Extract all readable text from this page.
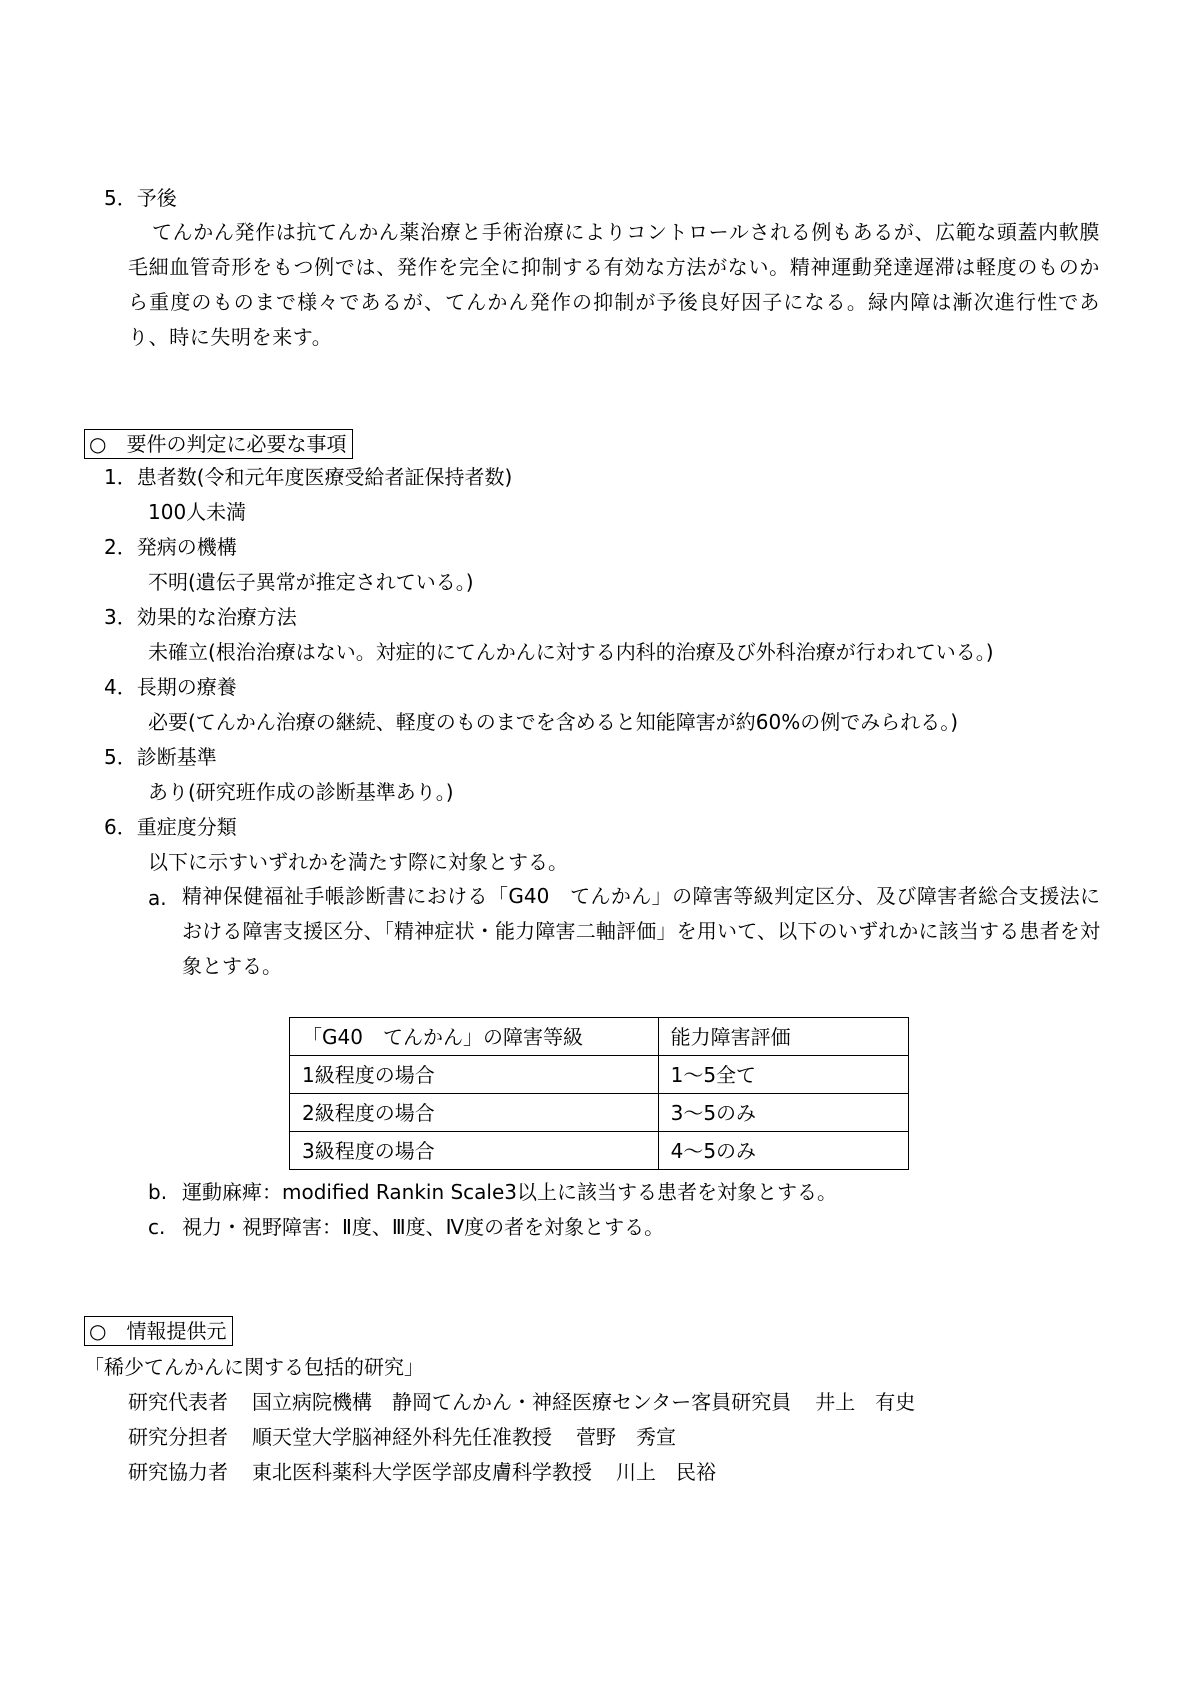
5．予後
てんかん発作は抗てんかん薬治療と手術治療によりコントロールされる例もあるが、広範な頭蓋内軟膜毛細血管奇形をもつ例では、発作を完全に抑制する有効な方法がない。精神運動発達遅滞は軽度のものから重度のものまで様々であるが、てんかん発作の抑制が予後良好因子になる。緑内障は漸次進行性であり、時に失明を来す。
○　要件の判定に必要な事項
1．患者数(令和元年度医療受給者証保持者数)
100人未満
2．発病の機構
不明(遺伝子異常が推定されている。)
3．効果的な治療方法
未確立(根治治療はない。対症的にてんかんに対する内科的治療及び外科治療が行われている。)
4．長期の療養
必要(てんかん治療の継続、軽度のものまでを含めると知能障害が約60%の例でみられる。)
5．診断基準
あり(研究班作成の診断基準あり。)
6．重症度分類
以下に示すいずれかを満たす際に対象とする。
a. 精神保健福祉手帳診断書における「G40　てんかん」の障害等級判定区分、及び障害者総合支援法における障害支援区分、「精神症状・能力障害二軸評価」を用いて、以下のいずれかに該当する患者を対象とする。
「G40　てんかん」の障害等級	能力障害評価
1級程度の場合	1～5全て
2級程度の場合	3～5のみ
3級程度の場合	4～5のみ
b. 運動麻痺：modified Rankin Scale3以上に該当する患者を対象とする。
c. 視力・視野障害：Ⅱ度、Ⅲ度、Ⅳ度の者を対象とする。
○　情報提供元
「稀少てんかんに関する包括的研究」
研究代表者 国立病院機構　静岡てんかん・神経医療センター客員研究員 井上　有史
研究分担者 順天堂大学脳神経外科先任准教授 菅野　秀宣
研究協力者 東北医科薬科大学医学部皮膚科学教授 川上　民裕
